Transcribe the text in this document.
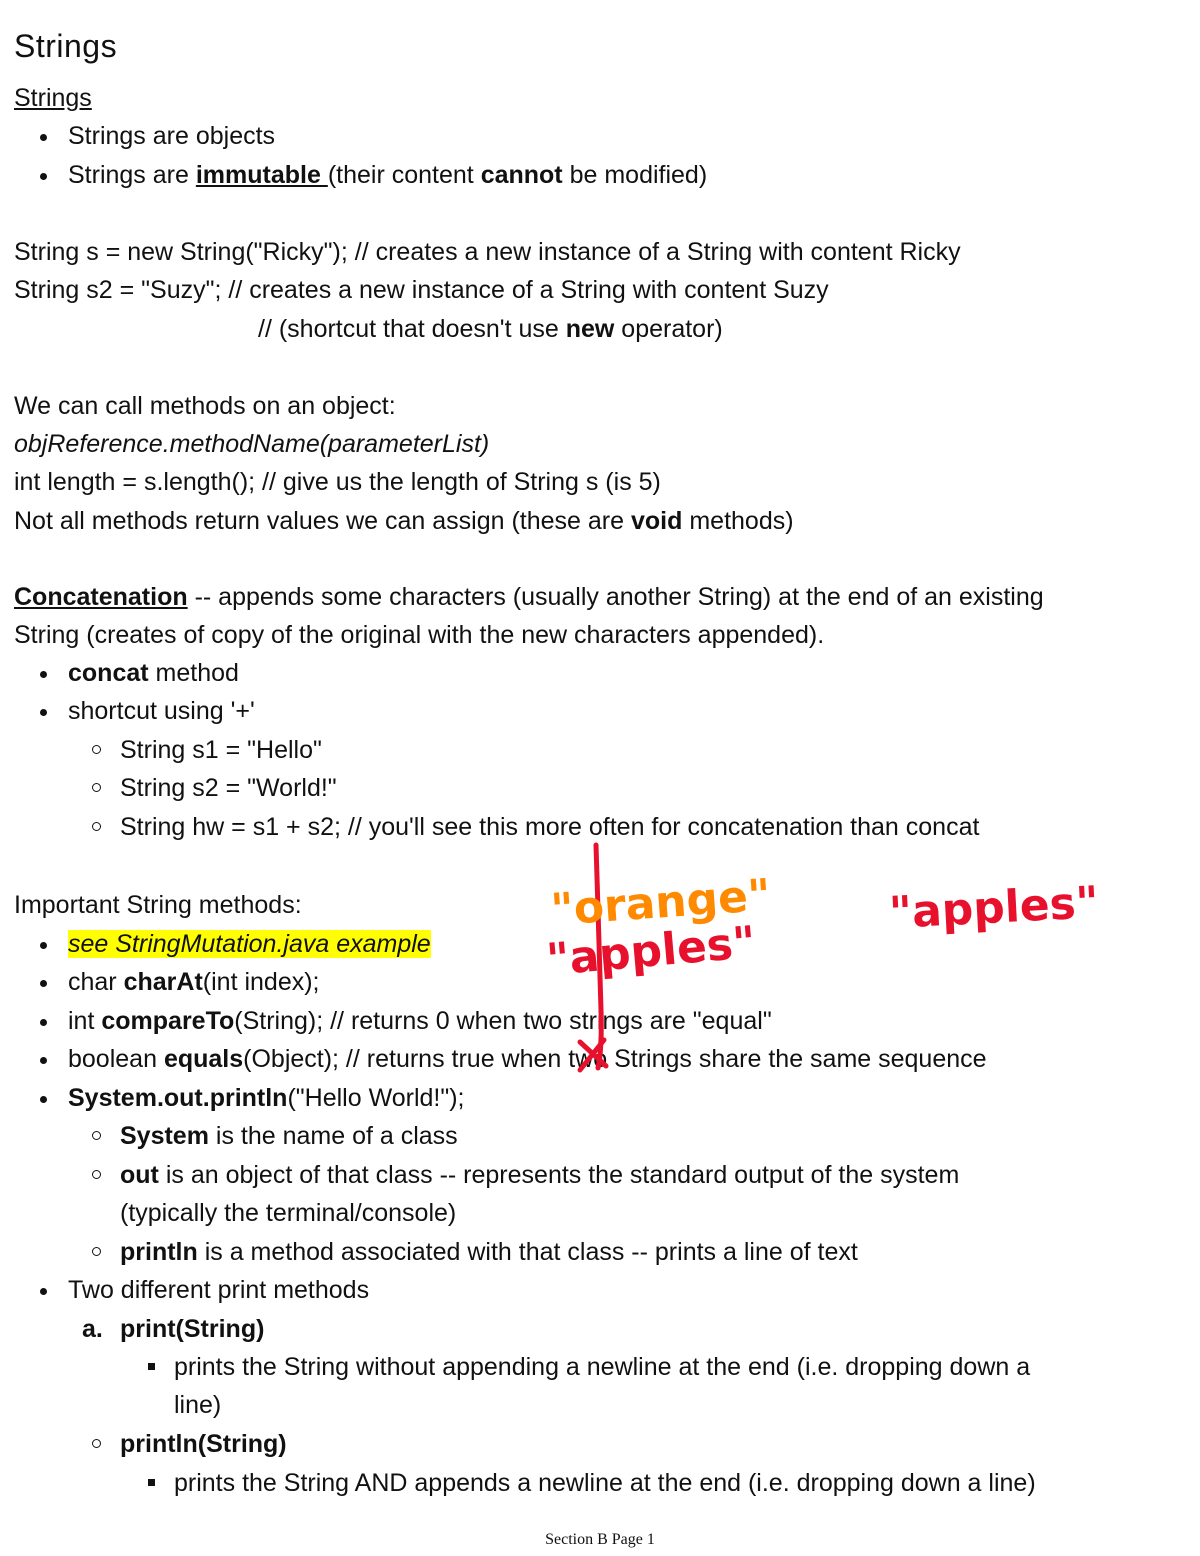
Strings

Strings

Strings are objects

Strings are immutable (their content cannot be modified)

String s = new String("Ricky"); // creates a new instance of a String with content Ricky

String s2 = "Suzy"; // creates a new instance of a String with content Suzy

// (shortcut that doesn't use new operator)

We can call methods on an object:

objReference.methodName(parameterList)

int length = s.length(); // give us the length of String s (is 5)

Not all methods return values we can assign (these are void methods)

Concatenation -- appends some characters (usually another String) at the end of an existing

String (creates of copy of the original with the new characters appended).

concat method

shortcut using '+'

String s1 = "Hello"

String s2 = "World!"

String hw = s1 + s2; // you'll see this more often for concatenation than concat

Important String methods:

see StringMutation.java example

char charAt(int index);

int compareTo(String); // returns 0 when two strings are "equal"

boolean equals(Object); // returns true when two Strings share the same sequence

System.out.println("Hello World!");

System is the name of a class

out is an object of that class -- represents the standard output of the system

(typically the terminal/console)

println is a method associated with that class -- prints a line of text

Two different print methods

a. print(String)

prints the String without appending a newline at the end (i.e. dropping down a

line)

println(String)

prints the String AND appends a newline at the end (i.e. dropping down a line)

"orange"
"apples"
"apples"

Section B Page 1
